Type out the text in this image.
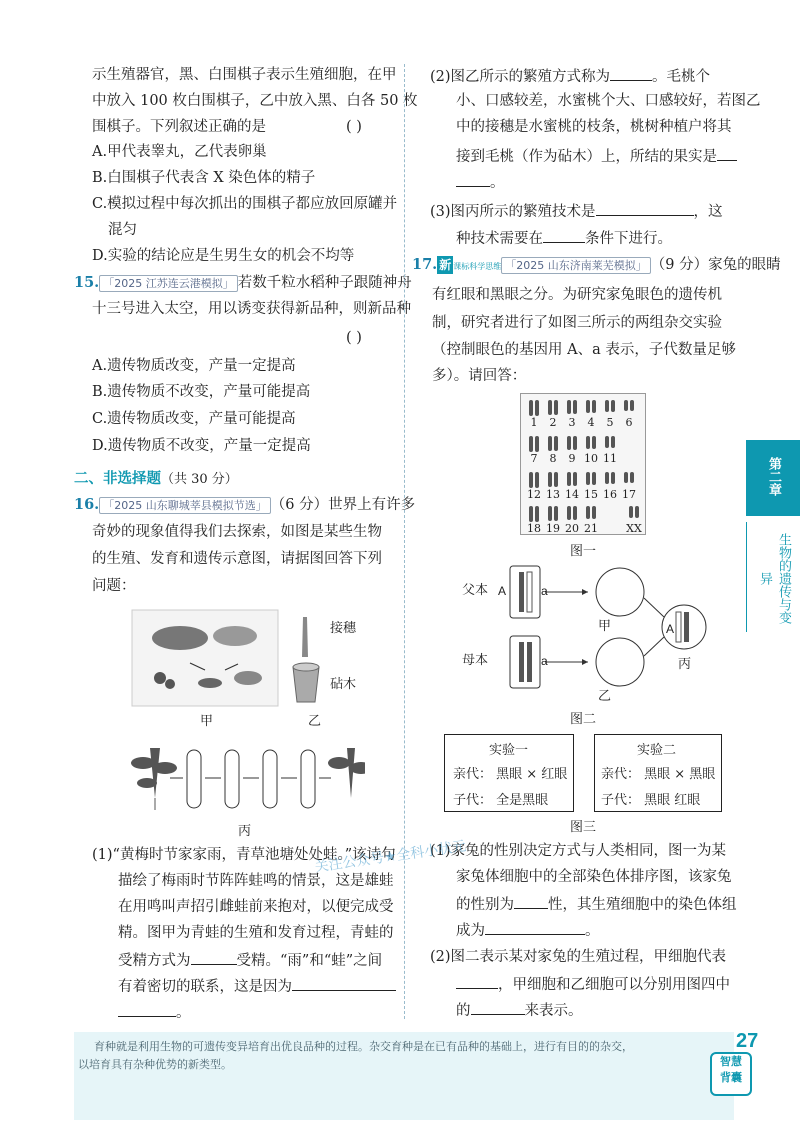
示生殖器官，黑、白围棋子表示生殖细胞，在甲
中放入 100 枚白围棋子，乙中放入黑、白各 50 枚
围棋子。下列叙述正确的是	( )
A.甲代表睾丸，乙代表卵巢
B.白围棋子代表含 X 染色体的精子
C.模拟过程中每次抓出的围棋子都应放回原罐并
混匀
D.实验的结论应是生男生女的机会不均等
15. 「2025 江苏连云港模拟」 若数千粒水稻种子跟随神舟
十三号进入太空，用以诱变获得新品种，则新品种
( )
A.遗传物质改变，产量一定提高
B.遗传物质不改变，产量可能提高
C.遗传物质改变，产量可能提高
D.遗传物质不改变，产量一定提高
二、非选择题（共 30 分）
16. 「2025 山东聊城莘县模拟节选」 （6 分）世界上有许多
奇妙的现象值得我们去探索，如图是某些生物
的生殖、发育和遗传示意图，请据图回答下列
问题：
甲
接穗
砧木
乙
丙
(1)“黄梅时节家家雨，青草池塘处处蛙。”该诗句
描绘了梅雨时节阵阵蛙鸣的情景，这是雄蛙
在用鸣叫声招引雌蛙前来抱对，以便完成受
精。图甲为青蛙的生殖和发育过程，青蛙的
受精方式为	受精。“雨”和“蛙”之间
有着密切的联系，这是因为
。
(2)图乙所示的繁殖方式称为	。毛桃个
小、口感较差，水蜜桃个大、口感较好，若图乙
中的接穗是水蜜桃的枝条，桃树种植户将其
接到毛桃（作为砧木）上，所结的果实是
。
(3)图丙所示的繁殖技术是	，这
种技术需要在	条件下进行。
17. 新 课标科学思维 「2025 山东济南莱芜模拟」 （9 分）家兔的眼睛
有红眼和黑眼之分。为研究家兔眼色的遗传机
制，研究者进行了如图三所示的两组杂交实验
（控制眼色的基因用 A、a 表示，子代数量足够
多）。请回答：
1	2	3	4	5	6
7	8	9 10 11
12 13 14 15 16 17
18 19 20 21	XX
图一
父本
母本
A	a
a
A
甲
乙
丙
图二
实验一
亲代： 黑眼 × 红眼
子代： 全是黑眼
实验二
亲代： 黑眼 × 黑眼
子代： 黑眼 红眼
图三
(1)家兔的性别决定方式与人类相同，图一为某
家兔体细胞中的全部染色体排序图，该家兔
的性别为 性，其生殖细胞中的染色体组
成为	。
(2)图二表示某对家兔的生殖过程，甲细胞代表
，甲细胞和乙细胞可以分别用图四中
的	来表示。
第二章
生物的遗传与变异
关注公众号★全科小状元
育种就是利用生物的可遗传变异培育出优良品种的过程。杂交育种是在已有品种的基础上，进行有目的的杂交，
以培育具有杂种优势的新类型。
27
智慧
背囊
